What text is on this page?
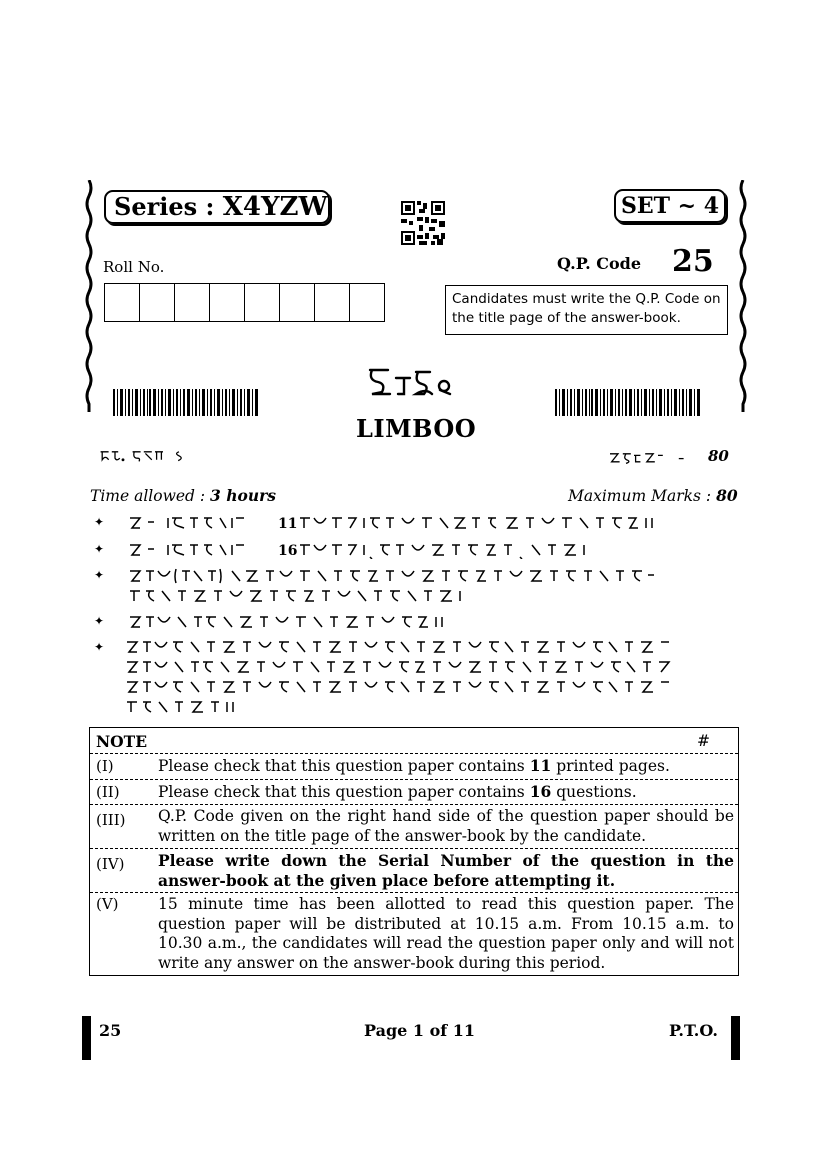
Series : X4YZW	SET ~ 4
Roll No.	Q.P. Code 25
Candidates must write the Q.P. Code on the title page of the answer-book.
LIMBOO
80
Time allowed : 3 hours	Maximum Marks : 80
✦	11
✦	16
✦
✦
✦
NOTE	#
(I)	Please check that this question paper contains 11 printed pages.
(II)	Please check that this question paper contains 16 questions.
(III)	Q.P. Code given on the right hand side of the question paper should be written on the title page of the answer-book by the candidate.
(IV)	Please write down the Serial Number of the question in the answer-book at the given place before attempting it.
(V)	15 minute time has been allotted to read this question paper. The question paper will be distributed at 10.15 a.m. From 10.15 a.m. to 10.30 a.m., the candidates will read the question paper only and will not write any answer on the answer-book during this period.
25	Page 1 of 11	P.T.O.
